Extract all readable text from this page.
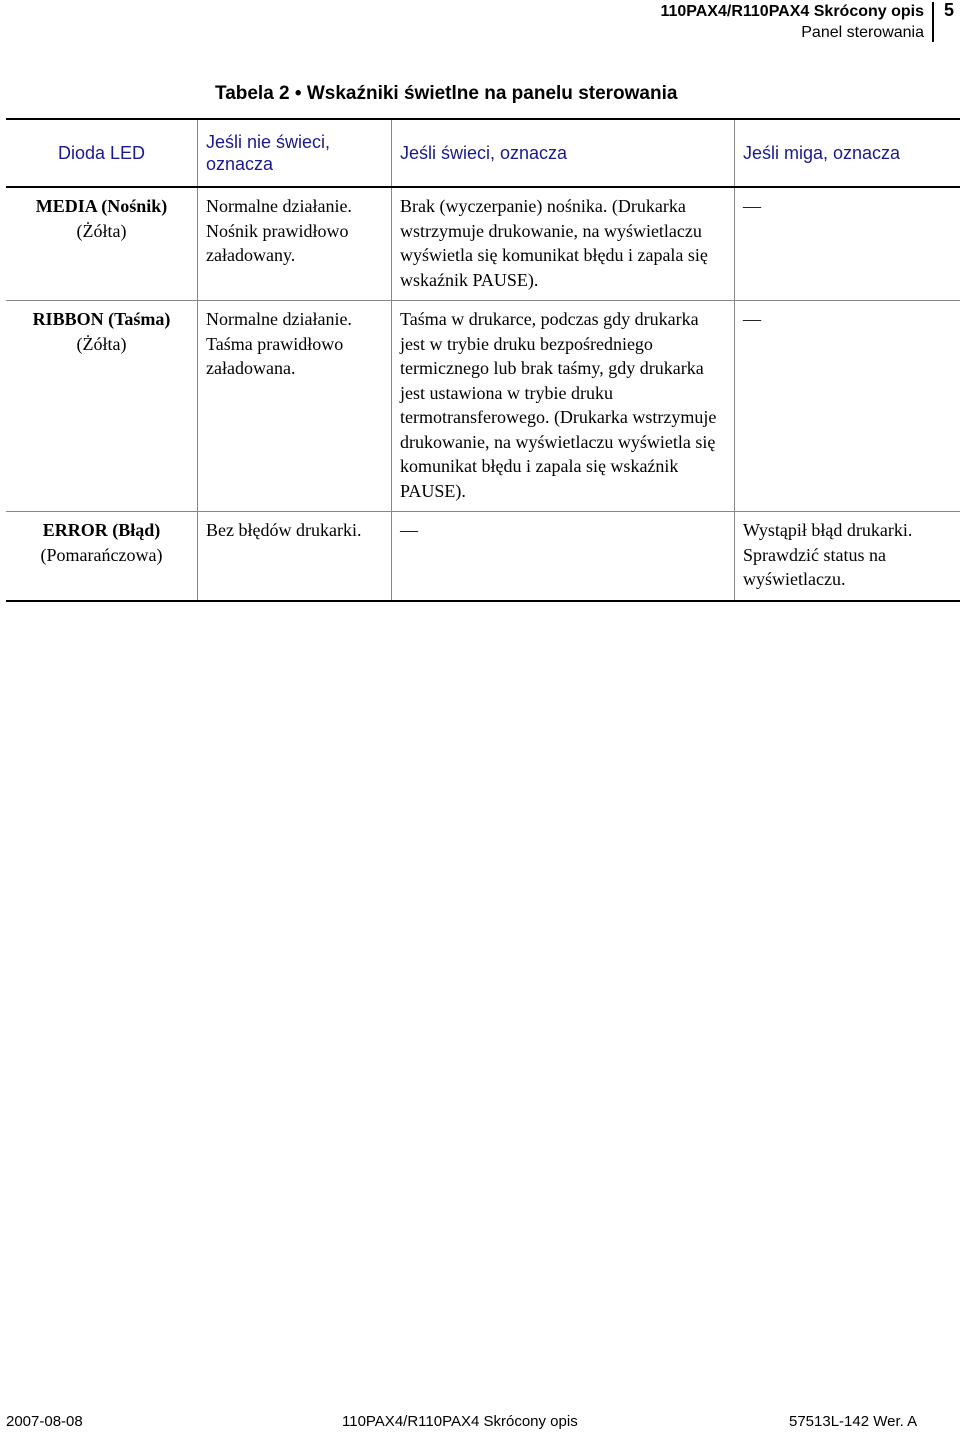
110PAX4/R110PAX4 Skrócony opis
Panel sterowania
5
Tabela 2 • Wskaźniki świetlne na panelu sterowania
Dioda LED	Jeśli nie świeci, oznacza	Jeśli świeci, oznacza	Jeśli miga, oznacza

MEDIA (Nośnik)
(Żółta)	Normalne działanie. Nośnik prawidłowo załadowany.	Brak (wyczerpanie) nośnika. (Drukarka wstrzymuje drukowanie, na wyświetlaczu wyświetla się komunikat błędu i zapala się wskaźnik PAUSE).	—

RIBBON (Taśma)
(Żółta)	Normalne działanie. Taśma prawidłowo załadowana.	Taśma w drukarce, podczas gdy drukarka jest w trybie druku bezpośredniego termicznego lub brak taśmy, gdy drukarka jest ustawiona w trybie druku termotransferowego. (Drukarka wstrzymuje drukowanie, na wyświetlaczu wyświetla się komunikat błędu i zapala się wskaźnik PAUSE).	—

ERROR (Błąd)
(Pomarańczowa)	Bez błędów drukarki.	—	Wystąpił błąd drukarki. Sprawdzić status na wyświetlaczu.
2007-08-08	110PAX4/R110PAX4 Skrócony opis	57513L-142 Wer. A
